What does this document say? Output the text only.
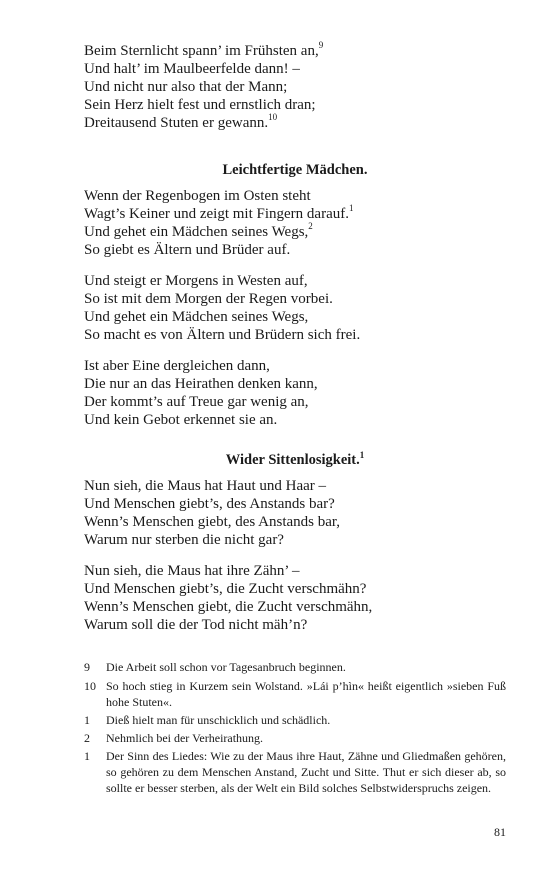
Beim Sternlicht spann’ im Frühsten an,$^9$
Und halt’ im Maulbeerfelde dann! –
Und nicht nur also that der Mann;
Sein Herz hielt fest und ernstlich dran;
Dreitausend Stuten er gewann.$^{10}$
Leichtfertige Mädchen.
Wenn der Regenbogen im Osten steht
Wagt’s Keiner und zeigt mit Fingern darauf.$^1$
Und gehet ein Mädchen seines Wegs,$^2$
So giebt es Ältern und Brüder auf.
Und steigt er Morgens in Westen auf,
So ist mit dem Morgen der Regen vorbei.
Und gehet ein Mädchen seines Wegs,
So macht es von Ältern und Brüdern sich frei.
Ist aber Eine dergleichen dann,
Die nur an das Heirathen denken kann,
Der kommt’s auf Treue gar wenig an,
Und kein Gebot erkennet sie an.
Wider Sittenlosigkeit.$^1$
Nun sieh, die Maus hat Haut und Haar –
Und Menschen giebt’s, des Anstands bar?
Wenn’s Menschen giebt, des Anstands bar,
Warum nur sterben die nicht gar?
Nun sieh, die Maus hat ihre Zähn’ –
Und Menschen giebt’s, die Zucht verschmähn?
Wenn’s Menschen giebt, die Zucht verschmähn,
Warum soll die der Tod nicht mäh’n?
9	Die Arbeit soll schon vor Tagesanbruch beginnen.
10 So hoch stieg in Kurzem sein Wolstand. »Lái p’hìn« heißt eigentlich »sieben Fuß hohe Stuten«.
1	Dieß hielt man für unschicklich und schädlich.
2	Nehmlich bei der Verheirathung.
1	Der Sinn des Liedes: Wie zu der Maus ihre Haut, Zähne und Gliedmaßen gehören, so gehören zu dem Menschen Anstand, Zucht und Sitte. Thut er sich dieser ab, so sollte er besser sterben, als der Welt ein Bild solches Selbstwiderspruchs zeigen.
81
